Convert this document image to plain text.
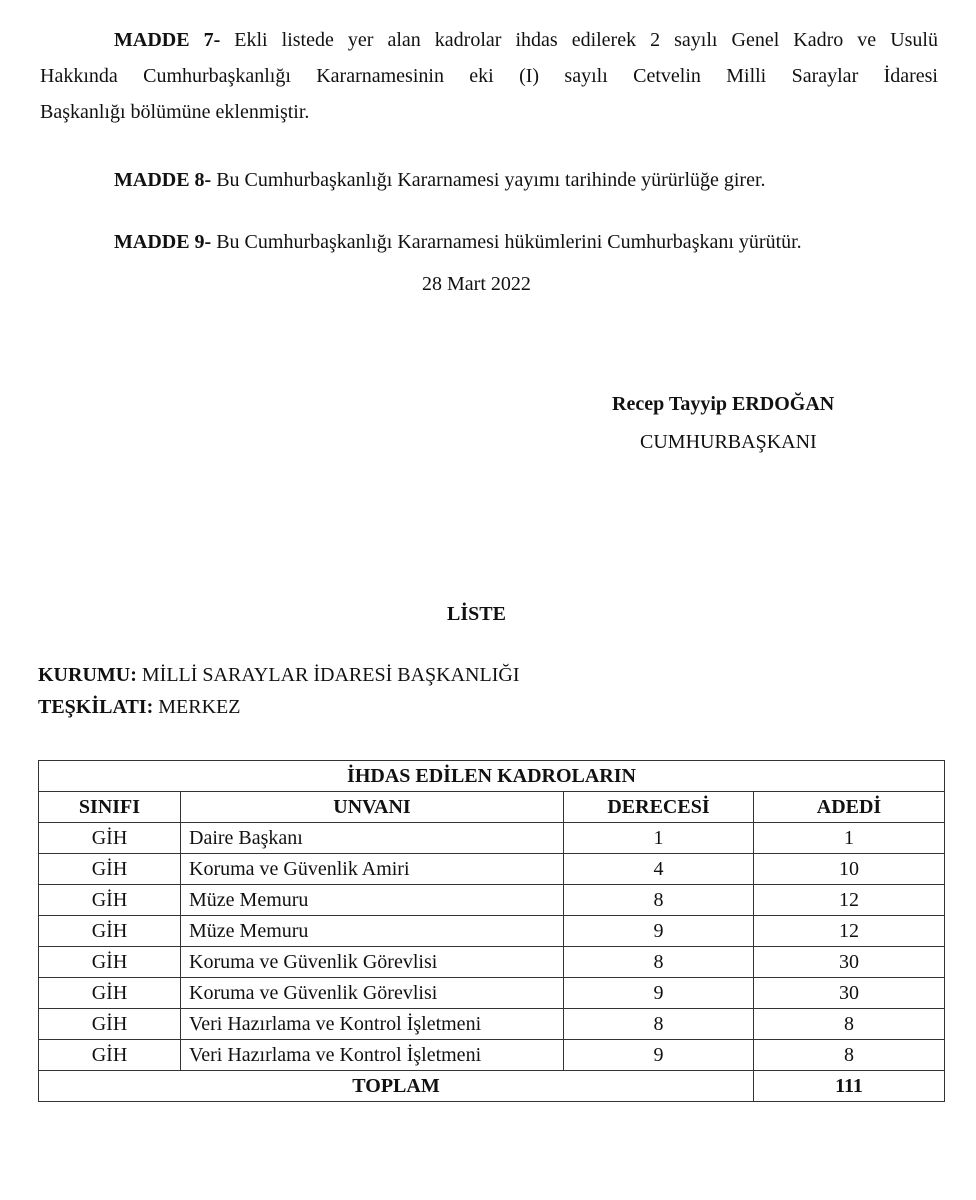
MADDE 7- Ekli listede yer alan kadrolar ihdas edilerek 2 sayılı Genel Kadro ve Usulü
Hakkında Cumhurbaşkanlığı Kararnamesinin eki (I) sayılı Cetvelin Milli Saraylar İdaresi
Başkanlığı bölümüne eklenmiştir.
MADDE 8- Bu Cumhurbaşkanlığı Kararnamesi yayımı tarihinde yürürlüğe girer.
MADDE 9- Bu Cumhurbaşkanlığı Kararnamesi hükümlerini Cumhurbaşkanı yürütür.
28 Mart 2022
Recep Tayyip ERDOĞAN
CUMHURBAŞKANI
LİSTE
KURUMU: MİLLİ SARAYLAR İDARESİ BAŞKANLIĞI
TEŞKİLATI: MERKEZ
İHDAS EDİLEN KADROLARIN			
SINIFI	UNVANI	DERECESİ	ADEDİ
GİH	Daire Başkanı	1	1
GİH	Koruma ve Güvenlik Amiri	4	10
GİH	Müze Memuru	8	12
GİH	Müze Memuru	9	12
GİH	Koruma ve Güvenlik Görevlisi	8	30
GİH	Koruma ve Güvenlik Görevlisi	9	30
GİH	Veri Hazırlama ve Kontrol İşletmeni	8	8
GİH	Veri Hazırlama ve Kontrol İşletmeni	9	8
TOPLAM			111
